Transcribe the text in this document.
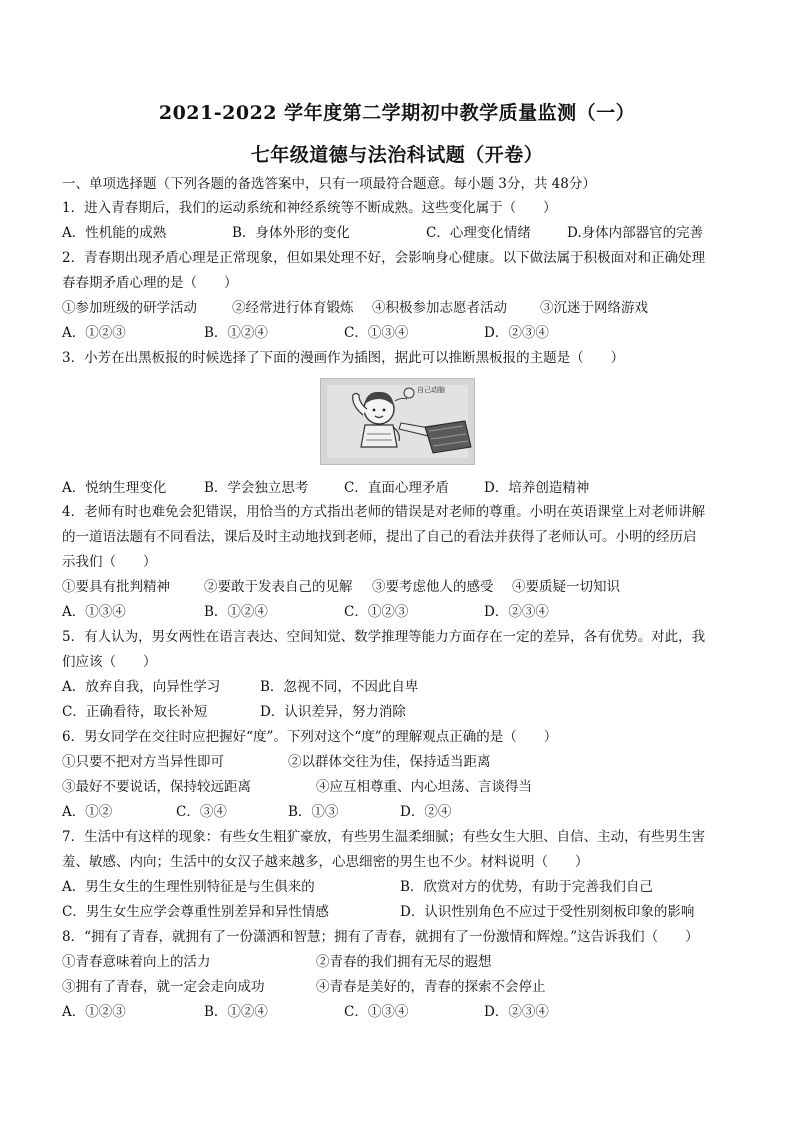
2021-2022 学年度第二学期初中教学质量监测（一）
七年级道德与法治科试题（开卷）
一、单项选择题（下列各题的备选答案中，只有一项最符合题意。每小题 3分，共 48分）
1．进入青春期后，我们的运动系统和神经系统等不断成熟。这些变化属于（　　）
A．性机能的成熟	B．身体外形的变化	C．心理变化情绪	D.身体内部器官的完善
2．青春期出现矛盾心理是正常现象，但如果处理不好，会影响身心健康。以下做法属于积极面对和正确处理
春春期矛盾心理的是（　　）
①参加班级的研学活动	②经常进行体育锻炼 ④积极参加志愿者活动 ③沉迷于网络游戏
A．①②③	B．①②④	C．①③④	D．②③④
3．小芳在出黑板报的时候选择了下面的漫画作为插图，据此可以推断黑板报的主题是（　　）
自己动脑
A．悦纳生理变化	B．学会独立思考	C．直面心理矛盾	D．培养创造精神
4．老师有时也难免会犯错误，用恰当的方式指出老师的错误是对老师的尊重。小明在英语课堂上对老师讲解
的一道语法题有不同看法，课后及时主动地找到老师，提出了自己的看法并获得了老师认可。小明的经历启
示我们（　　）
①要具有批判精神	②要敢于发表自己的见解 ③要考虑他人的感受 ④要质疑一切知识
A．①③④	B．①②④	C．①②③	D．②③④
5．有人认为，男女两性在语言表达、空间知觉、数学推理等能力方面存在一定的差异，各有优势。对此，我
们应该（　　）
A．放弃自我，向异性学习	B．忽视不同，不因此自卑
C．正确看待，取长补短	D．认识差异，努力消除
6．男女同学在交往时应把握好“度”。下列对这个“度”的理解观点正确的是（　　）
①只要不把对方当异性即可	②以群体交往为佳，保持适当距离
③最好不要说话，保持较远距离	④应互相尊重、内心坦荡、言谈得当
A．①②	C．③④	B．①③	D．②④
7．生活中有这样的现象：有些女生粗犷豪放，有些男生温柔细腻；有些女生大胆、自信、主动，有些男生害
羞、敏感、内向；生活中的女汉子越来越多，心思细密的男生也不少。材料说明（　　）
A．男生女生的生理性别特征是与生俱来的	B．欣赏对方的优势，有助于完善我们自己
C．男生女生应学会尊重性别差异和异性情感	D．认识性别角色不应过于受性别刻板印象的影响
8．“拥有了青春，就拥有了一份潇洒和智慧；拥有了青春，就拥有了一份激情和辉煌。”这告诉我们（　　）
①青春意味着向上的活力	②青春的我们拥有无尽的遐想
③拥有了青春，就一定会走向成功	④青春是美好的，青春的探索不会停止
A．①②③	B．①②④	C．①③④	D．②③④
